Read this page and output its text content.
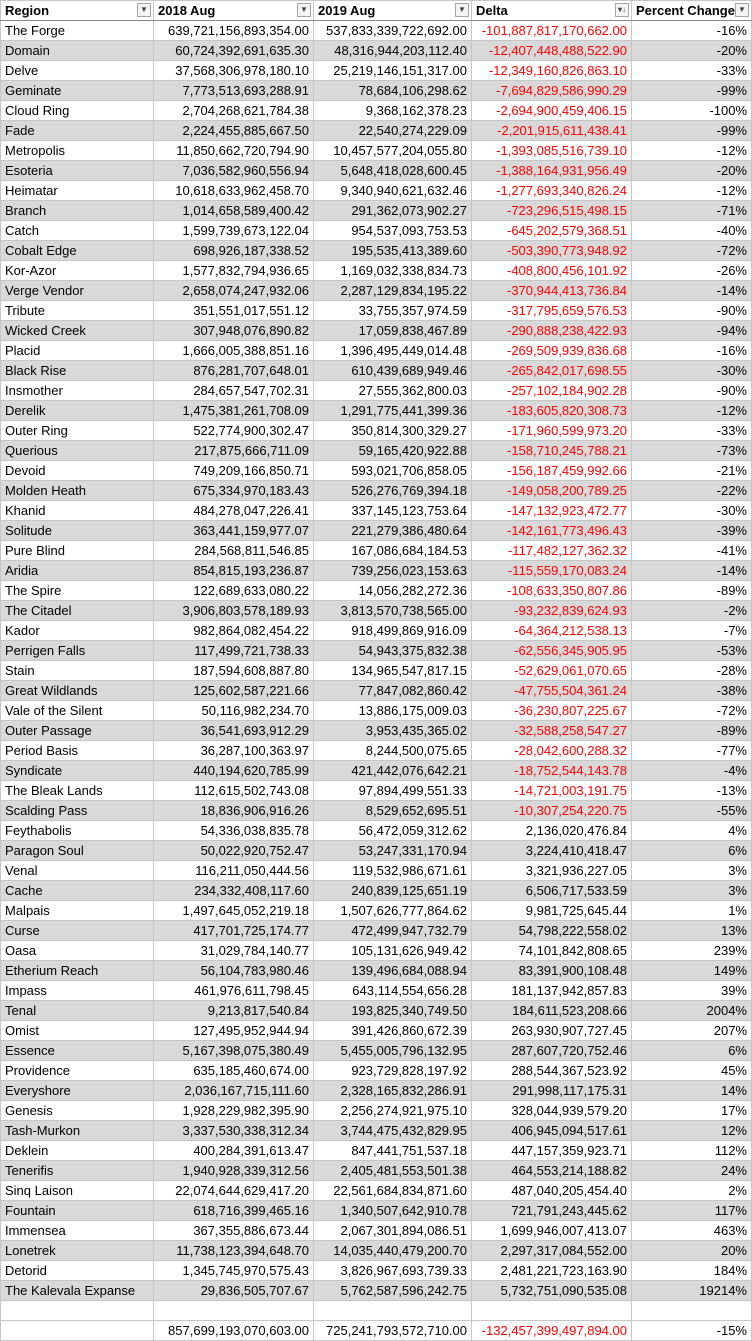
Region ▼	2018 Aug ▼	2019 Aug ▼	Delta ▾↓	Percent Change ▼

The Forge	639,721,156,893,354.00	537,833,339,722,692.00	-101,887,817,170,662.00	-16%
Domain	60,724,392,691,635.30	48,316,944,203,112.40	-12,407,448,488,522.90	-20%
Delve	37,568,306,978,180.10	25,219,146,151,317.00	-12,349,160,826,863.10	-33%
Geminate	7,773,513,693,288.91	78,684,106,298.62	-7,694,829,586,990.29	-99%
Cloud Ring	2,704,268,621,784.38	9,368,162,378.23	-2,694,900,459,406.15	-100%
Fade	2,224,455,885,667.50	22,540,274,229.09	-2,201,915,611,438.41	-99%
Metropolis	11,850,662,720,794.90	10,457,577,204,055.80	-1,393,085,516,739.10	-12%
Esoteria	7,036,582,960,556.94	5,648,418,028,600.45	-1,388,164,931,956.49	-20%
Heimatar	10,618,633,962,458.70	9,340,940,621,632.46	-1,277,693,340,826.24	-12%
Branch	1,014,658,589,400.42	291,362,073,902.27	-723,296,515,498.15	-71%
Catch	1,599,739,673,122.04	954,537,093,753.53	-645,202,579,368.51	-40%
Cobalt Edge	698,926,187,338.52	195,535,413,389.60	-503,390,773,948.92	-72%
Kor-Azor	1,577,832,794,936.65	1,169,032,338,834.73	-408,800,456,101.92	-26%
Verge Vendor	2,658,074,247,932.06	2,287,129,834,195.22	-370,944,413,736.84	-14%
Tribute	351,551,017,551.12	33,755,357,974.59	-317,795,659,576.53	-90%
Wicked Creek	307,948,076,890.82	17,059,838,467.89	-290,888,238,422.93	-94%
Placid	1,666,005,388,851.16	1,396,495,449,014.48	-269,509,939,836.68	-16%
Black Rise	876,281,707,648.01	610,439,689,949.46	-265,842,017,698.55	-30%
Insmother	284,657,547,702.31	27,555,362,800.03	-257,102,184,902.28	-90%
Derelik	1,475,381,261,708.09	1,291,775,441,399.36	-183,605,820,308.73	-12%
Outer Ring	522,774,900,302.47	350,814,300,329.27	-171,960,599,973.20	-33%
Querious	217,875,666,711.09	59,165,420,922.88	-158,710,245,788.21	-73%
Devoid	749,209,166,850.71	593,021,706,858.05	-156,187,459,992.66	-21%
Molden Heath	675,334,970,183.43	526,276,769,394.18	-149,058,200,789.25	-22%
Khanid	484,278,047,226.41	337,145,123,753.64	-147,132,923,472.77	-30%
Solitude	363,441,159,977.07	221,279,386,480.64	-142,161,773,496.43	-39%
Pure Blind	284,568,811,546.85	167,086,684,184.53	-117,482,127,362.32	-41%
Aridia	854,815,193,236.87	739,256,023,153.63	-115,559,170,083.24	-14%
The Spire	122,689,633,080.22	14,056,282,272.36	-108,633,350,807.86	-89%
The Citadel	3,906,803,578,189.93	3,813,570,738,565.00	-93,232,839,624.93	-2%
Kador	982,864,082,454.22	918,499,869,916.09	-64,364,212,538.13	-7%
Perrigen Falls	117,499,721,738.33	54,943,375,832.38	-62,556,345,905.95	-53%
Stain	187,594,608,887.80	134,965,547,817.15	-52,629,061,070.65	-28%
Great Wildlands	125,602,587,221.66	77,847,082,860.42	-47,755,504,361.24	-38%
Vale of the Silent	50,116,982,234.70	13,886,175,009.03	-36,230,807,225.67	-72%
Outer Passage	36,541,693,912.29	3,953,435,365.02	-32,588,258,547.27	-89%
Period Basis	36,287,100,363.97	8,244,500,075.65	-28,042,600,288.32	-77%
Syndicate	440,194,620,785.99	421,442,076,642.21	-18,752,544,143.78	-4%
The Bleak Lands	112,615,502,743.08	97,894,499,551.33	-14,721,003,191.75	-13%
Scalding Pass	18,836,906,916.26	8,529,652,695.51	-10,307,254,220.75	-55%
Feythabolis	54,336,038,835.78	56,472,059,312.62	2,136,020,476.84	4%
Paragon Soul	50,022,920,752.47	53,247,331,170.94	3,224,410,418.47	6%
Venal	116,211,050,444.56	119,532,986,671.61	3,321,936,227.05	3%
Cache	234,332,408,117.60	240,839,125,651.19	6,506,717,533.59	3%
Malpais	1,497,645,052,219.18	1,507,626,777,864.62	9,981,725,645.44	1%
Curse	417,701,725,174.77	472,499,947,732.79	54,798,222,558.02	13%
Oasa	31,029,784,140.77	105,131,626,949.42	74,101,842,808.65	239%
Etherium Reach	56,104,783,980.46	139,496,684,088.94	83,391,900,108.48	149%
Impass	461,976,611,798.45	643,114,554,656.28	181,137,942,857.83	39%
Tenal	9,213,817,540.84	193,825,340,749.50	184,611,523,208.66	2004%
Omist	127,495,952,944.94	391,426,860,672.39	263,930,907,727.45	207%
Essence	5,167,398,075,380.49	5,455,005,796,132.95	287,607,720,752.46	6%
Providence	635,185,460,674.00	923,729,828,197.92	288,544,367,523.92	45%
Everyshore	2,036,167,715,111.60	2,328,165,832,286.91	291,998,117,175.31	14%
Genesis	1,928,229,982,395.90	2,256,274,921,975.10	328,044,939,579.20	17%
Tash-Murkon	3,337,530,338,312.34	3,744,475,432,829.95	406,945,094,517.61	12%
Deklein	400,284,391,613.47	847,441,751,537.18	447,157,359,923.71	112%
Tenerifis	1,940,928,339,312.56	2,405,481,553,501.38	464,553,214,188.82	24%
Sinq Laison	22,074,644,629,417.20	22,561,684,834,871.60	487,040,205,454.40	2%
Fountain	618,716,399,465.16	1,340,507,642,910.78	721,791,243,445.62	117%
Immensea	367,355,886,673.44	2,067,301,894,086.51	1,699,946,007,413.07	463%
Lonetrek	11,738,123,394,648.70	14,035,440,479,200.70	2,297,317,084,552.00	20%
Detorid	1,345,745,970,575.43	3,826,967,693,739.33	2,481,221,723,163.90	184%
The Kalevala Expanse	29,836,505,707.67	5,762,587,596,242.75	5,732,751,090,535.08	19214%

	857,699,193,070,603.00	725,241,793,572,710.00	-132,457,399,497,894.00	-15%
